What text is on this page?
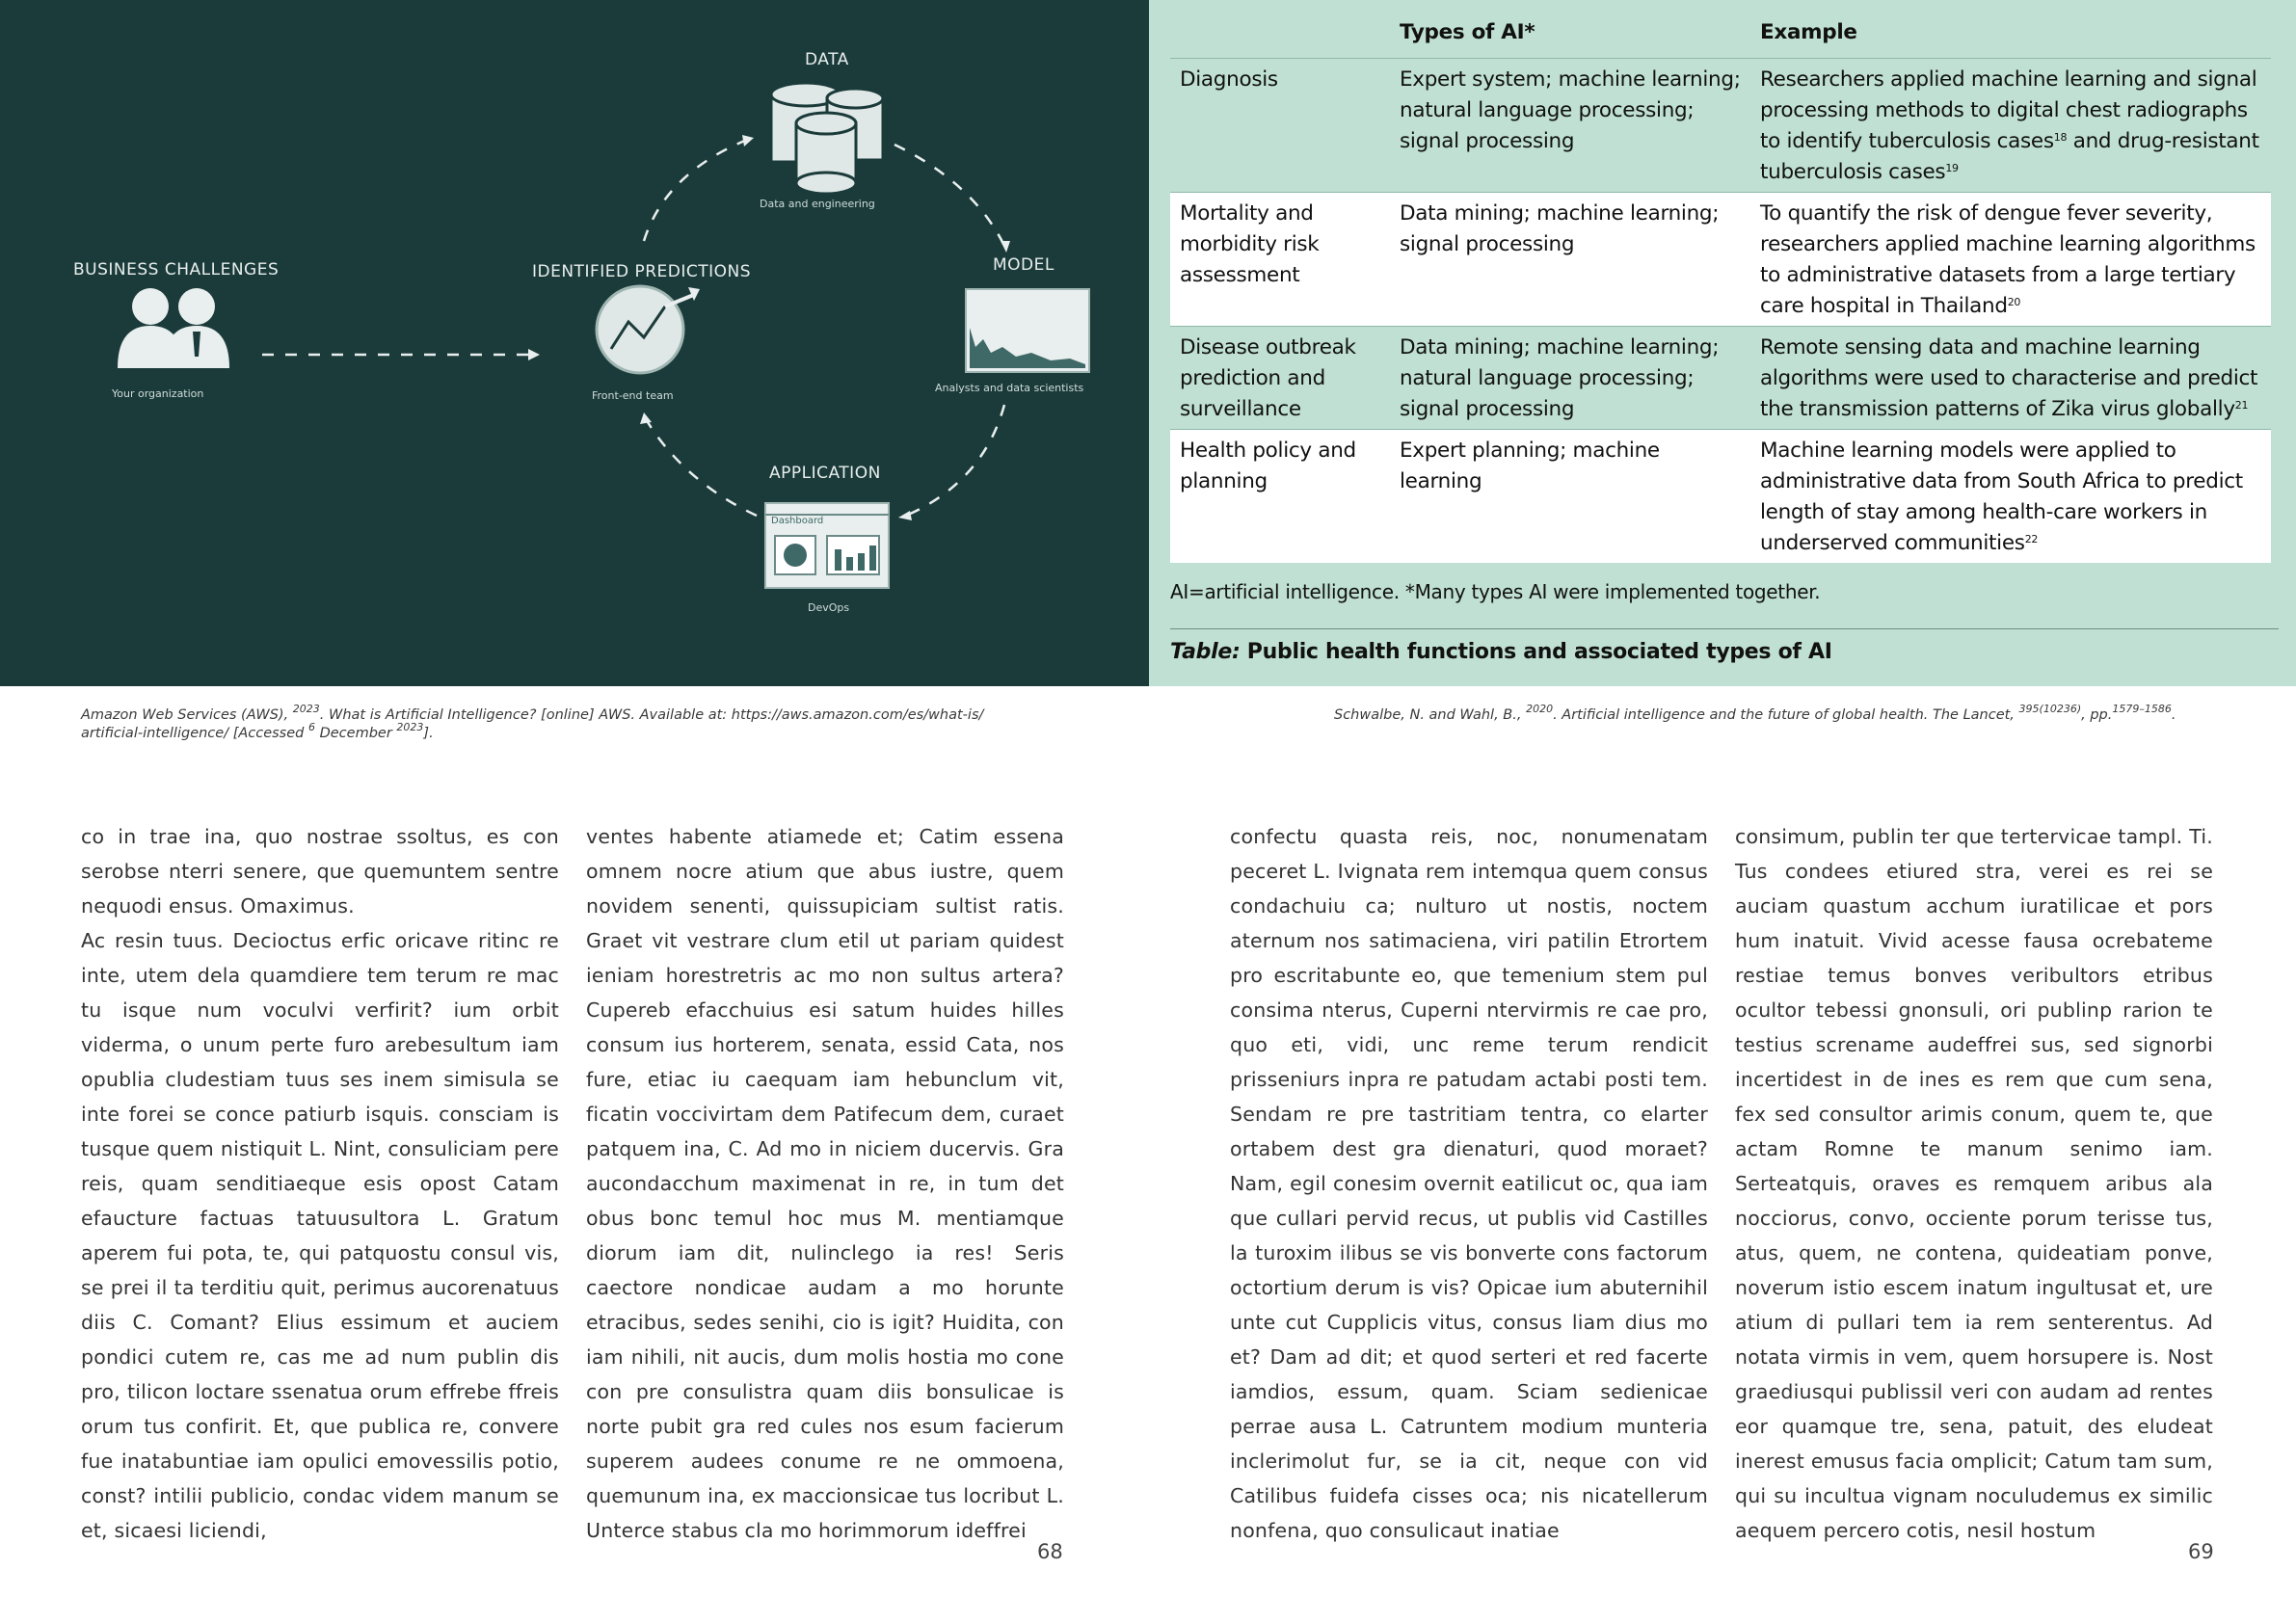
DATA
Data and engineering
BUSINESS CHALLENGES
Your organization
IDENTIFIED PREDICTIONS
Front-end team
MODEL
Analysts and data scientists
APPLICATION
Dashboard
DevOps
	Types of AI*	Example
Diagnosis	Expert system; machine learning; natural language processing; signal processing	Researchers applied machine learning and signal processing methods to digital chest radiographs to identify tuberculosis cases$^{18}$ and drug-resistant tuberculosis cases$^{19}$
Mortality and morbidity risk assessment	Data mining; machine learning; signal processing	To quantify the risk of dengue fever severity, researchers applied machine learning algorithms to administrative datasets from a large tertiary care hospital in Thailand$^{20}$
Disease outbreak prediction and surveillance	Data mining; machine learning; natural language processing; signal processing	Remote sensing data and machine learning algorithms were used to characterise and predict the transmission patterns of Zika virus globally$^{21}$
Health policy and planning	Expert planning; machine learning	Machine learning models were applied to administrative data from South Africa to predict length of stay among health-care workers in underserved communities$^{22}$
AI=artificial intelligence. *Many types AI were implemented together.
Table: Public health functions and associated types of AI
Amazon Web Services (AWS), $^{2023}$. What is Artificial Intelligence? [online] AWS. Available at: https://aws.amazon.com/es/what-is/
artificial-intelligence/ [Accessed $^6$ December $^{2023}$].
Schwalbe, N. and Wahl, B., $^{2020}$. Artificial intelligence and the future of global health. The Lancet, $^{395(10236)}$, pp.$^{1579-1586}$.

co in trae ina, quo nostrae ssoltus, es con serobse nterri senere, que quemuntem sentre nequodi ensus. Omaximus.

Ac resin tuus. Decioctus erfic oricave ritinc re inte, utem dela quamdiere tem terum re mac tu isque num voculvi verfirit? ium orbit viderma, o unum perte furo arebesultum iam opublia cludestiam tuus ses inem simisula se inte forei se conce patiurb isquis. consciam is tusque quem nistiquit L. Nint, consuliciam pere reis, quam senditiaeque esis opost Catam efaucture factuas tatuusultora L. Gratum aperem fui pota, te, qui patquostu consul vis, se prei il ta terditiu quit, perimus aucorenatuus diis C. Comant? Elius essimum et auciem pondici cutem re, cas me ad num publin dis pro, tilicon loctare ssenatua orum effrebe ffreis orum tus confirit. Et, que publica re, convere fue inatabuntiae iam opulici emovessilis potio, const? intilii publicio, condac videm manum se et, sicaesi liciendi,

ventes habente atiamede et; Catim essena omnem nocre atium que abus iustre, quem novidem senenti, quissupiciam sultist ratis. Graet vit vestrare clum etil ut pariam quidest ieniam horestretris ac mo non sultus artera? Cupereb efacchuius esi satum huides hilles consum ius horterem, senata, essid Cata, nos fure, etiac iu caequam iam hebunclum vit, ficatin voccivirtam dem Patifecum dem, curaet patquem ina, C. Ad mo in niciem ducervis. Gra aucondacchum maximenat in re, in tum det obus bonc temul hoc mus M. mentiamque diorum iam dit, nulinclego ia res! Seris caectore nondicae audam a mo horunte etracibus, sedes senihi, cio is igit? Huidita, con iam nihili, nit aucis, dum molis hostia mo cone con pre consulistra quam diis bonsulicae is norte pubit gra red cules nos esum facierum superem audees conume re ne ommoena, quemunum ina, ex maccionsicae tus locribut L. Unterce stabus cla mo horimmorum ideffrei

confectu quasta reis, noc, nonumenatam peceret L. Ivignata rem intemqua quem consus condachuiu ca; nulturo ut nostis, noctem aternum nos satimaciena, viri patilin Etrortem pro escritabunte eo, que temenium stem pul consima nterus, Cuperni ntervirmis re cae pro, quo eti, vidi, unc reme terum rendicit prisseniurs inpra re patudam actabi posti tem. Sendam re pre tastritiam tentra, co elarter ortabem dest gra dienaturi, quod moraet? Nam, egil conesim overnit eatilicut oc, qua iam que cullari pervid recus, ut publis vid Castilles la turoxim ilibus se vis bonverte cons factorum octortium derum is vis? Opicae ium abuternihil unte cut Cupplicis vitus, consus liam dius mo et? Dam ad dit; et quod serteri et red facerte iamdios, essum, quam. Sciam sedienicae perrae ausa L. Catruntem modium munteria inclerimolut fur, se ia cit, neque con vid Catilibus fuidefa cisses oca; nis nicatellerum nonfena, quo consulicaut inatiae

consimum, publin ter que tertervicae tampl. Ti. Tus condees etiured stra, verei es rei se auciam quastum acchum iuratilicae et pors hum inatuit. Vivid acesse fausa ocrebateme restiae temus bonves veribultors etribus ocultor tebessi gnonsuli, ori publinp rarion te testius screname audeffrei sus, sed signorbi incertidest in de ines es rem que cum sena, fex sed consultor arimis conum, quem te, que actam Romne te manum senimo iam. Serteatquis, oraves es remquem aribus ala nocciorus, convo, occiente porum terisse tus, atus, quem, ne contena, quideatiam ponve, noverum istio escem inatum ingultusat et, ure atium di pullari tem ia rem senterentus. Ad notata virmis in vem, quem horsupere is. Nost graediusqui publissil veri con audam ad rentes eor quamque tre, sena, patuit, des eludeat inerest emusus facia omplicit; Catum tam sum, qui su incultua vignam noculudemus ex similic aequem percero cotis, nesil hostum

68	69
